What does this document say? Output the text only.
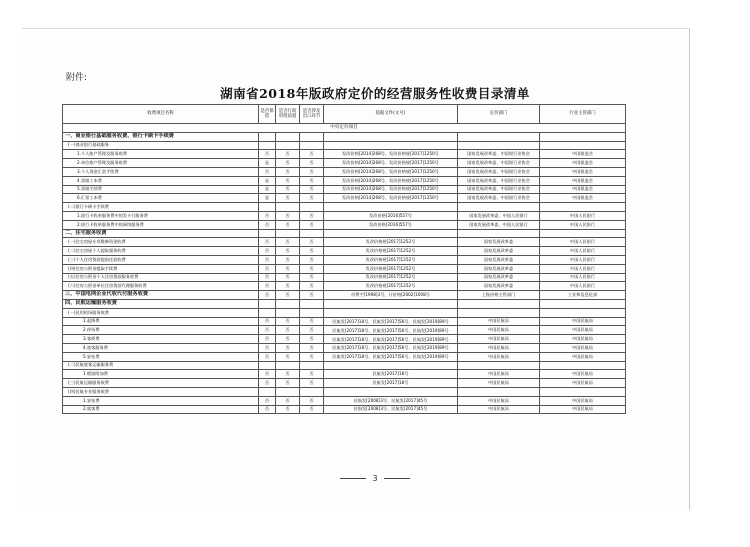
附件:
湖南省2018年版政府定价的经营服务性收费目录清单
收费项目名称	是否保留	是否行政审批前置	是否涉及出口环节	依据文件(文号)	定价部门	行业主管部门
中央定价项目						
一、商业银行基础服务收费、银行卡刷卡手续费						
(一)商业银行基础服务						
1.个人账户管理及服务收费	否	否	否	发改价格[2014]268号、发改价格规[2017]1250号	国家发展改革委、中国银行业协会	中国银监会
2.单位账户管理及服务收费	是	否	否	发改价格[2014]268号、发改价格规[2017]1250号	国家发展改革委、中国银行业协会	中国银监会
3.个人现金汇款手续费	否	否	否	发改价格[2014]268号、发改价格规[2017]1250号	国家发展改革委、中国银行业协会	中国银监会
4.票据工本费	是	否	否	发改价格[2014]268号、发改价格规[2017]1250号	国家发展改革委、中国银行业协会	中国银监会
5.票据手续费	是	否	否	发改价格[2014]268号、发改价格规[2017]1250号	国家发展改革委、中国银行业协会	中国银监会
6.汇票工本费	是	否	否	发改价格[2014]268号、发改价格规[2017]1250号	国家发展改革委、中国银行业协会	中国银监会
(二)银行卡刷卡手续费						
1.银行卡收单服务费中的发卡行服务费	否	否	否	发改价格[2016]557号	国家发展改革委、中国人民银行	中国人民银行
2.银行卡收单服务费中的网络服务费	否	否	否	发改价格[2016]557号	国家发展改革委、中国人民银行	中国人民银行
二、住宅服务收费						
(一)住宅房屋专项维修资金收费	否	否	否	发改价格规[2017]1252号	国家发展改革委	中国人民银行
(二)住宅房屋个人提取服务收费	否	否	否	发改价格规[2017]1252号	国家发展改革委	中国人民银行
(三)个人住房贷款提前还款收费	否	否	否	发改价格规[2017]1252号	国家发展改革委	中国人民银行
(四)住房公积金提取手续费	否	否	否	发改价格规[2017]1252号	国家发展改革委	中国人民银行
(五)住房公积金个人住房贷款服务收费	否	否	否	发改价格规[2017]1252号	国家发展改革委	中国人民银行
(六)住房公积金单位住房贷款代理服务收费	否	否	否	发改价格规[2017]1252号	国家发展改革委	中国人民银行
三、中国电网企业代收代付服务收费	否	否	否	价费字[1998]3号、计价格[2002]1008号	上级价格主管部门	工业和信息化部
四、民航运输服务收费						
(一)民用机场服务收费						
1.起降费	否	否	否	民航发[2017]18号、民航发[2017]56号、民航发[2019]89号	中国民航局	中国民航局
2.停场费	否	否	否	民航发[2017]18号、民航发[2017]56号、民航发[2019]89号	中国民航局	中国民航局
3.客桥费	否	否	否	民航发[2017]18号、民航发[2017]56号、民航发[2019]89号	中国民航局	中国民航局
4.旅客服务费	否	否	否	民航发[2017]18号、民航发[2017]56号、民航发[2019]89号	中国民航局	中国民航局
5.安检费	否	否	否	民航发[2017]18号、民航发[2017]56号、民航发[2019]89号	中国民航局	中国民航局
(二)民航旅客运输服务费						
1.燃油附加费	否	否	否	民航发[2017]18号	中国民航局	中国民航局
(三)民航运输服务收费	否	否	否	民航发[2017]18号	中国民航局	中国民航局
(四)民航专业服务收费						
1.安检费	否	否	否	民航发[2008]3号、民航发[2017]45号	中国民航局	中国民航局
2.旅客费	否	否	否	民航发[2008]3号、民航发[2017]45号	中国民航局	中国民航局
3
